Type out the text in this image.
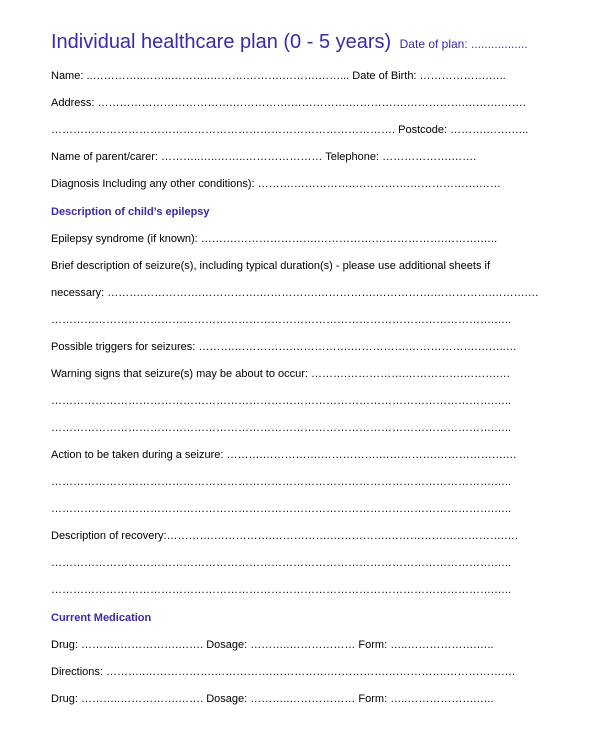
Individual healthcare plan (0 - 5 years) Date of plan: .................
Name: ..…………..……..………..……….……….……….……... Date of Birth: ……………….…..
Address: ……………………………….…………….…………….…………….…………….……….…….
…………………………………………………………………………………. Postcode: ……….…….…..
Name of parent/carer: ………..…..……..………………… Telephone: ……………….…….
Diagnosis Including any other conditions): ……….…………….…………….……………….……
Description of child’s epilepsy
Epilepsy syndrome (if known): ……….………………….…………….……………….……….…..
Brief description of seizure(s), including typical duration(s) - please use additional sheets if
necessary: ……….…………….…………….…………….…………….…………….…………….……….…
………………………………………………………………………………………………………….…..
Possible triggers for seizures: ……….…………….…………….…………….……………….……..…
Warning signs that seizure(s) may be about to occur: ……….…………….…………….……….…
………………………………………………………………………………………………………….…..
………………………………………………………………………………………………………….…..
Action to be taken during a seizure: ……….…………….…………….…………….……………….…
………………………………………………………………………………………………………….…..
………………………………………………………………………………………………………….…..
Description of recovery:………….…………….…………….…………….…………….…………….….
………………………………………………………………………………………………………….…..
………………………………………………………………………………………………………….…..
Current Medication
Drug: ………..…………….……. Dosage: ………..……………… Form: …..……………….…..
Directions: ………..……………….…………….…………….…………….…………….…………….…
Drug: ………..…………….……. Dosage: ………..……………… Form: …..……………….…..
